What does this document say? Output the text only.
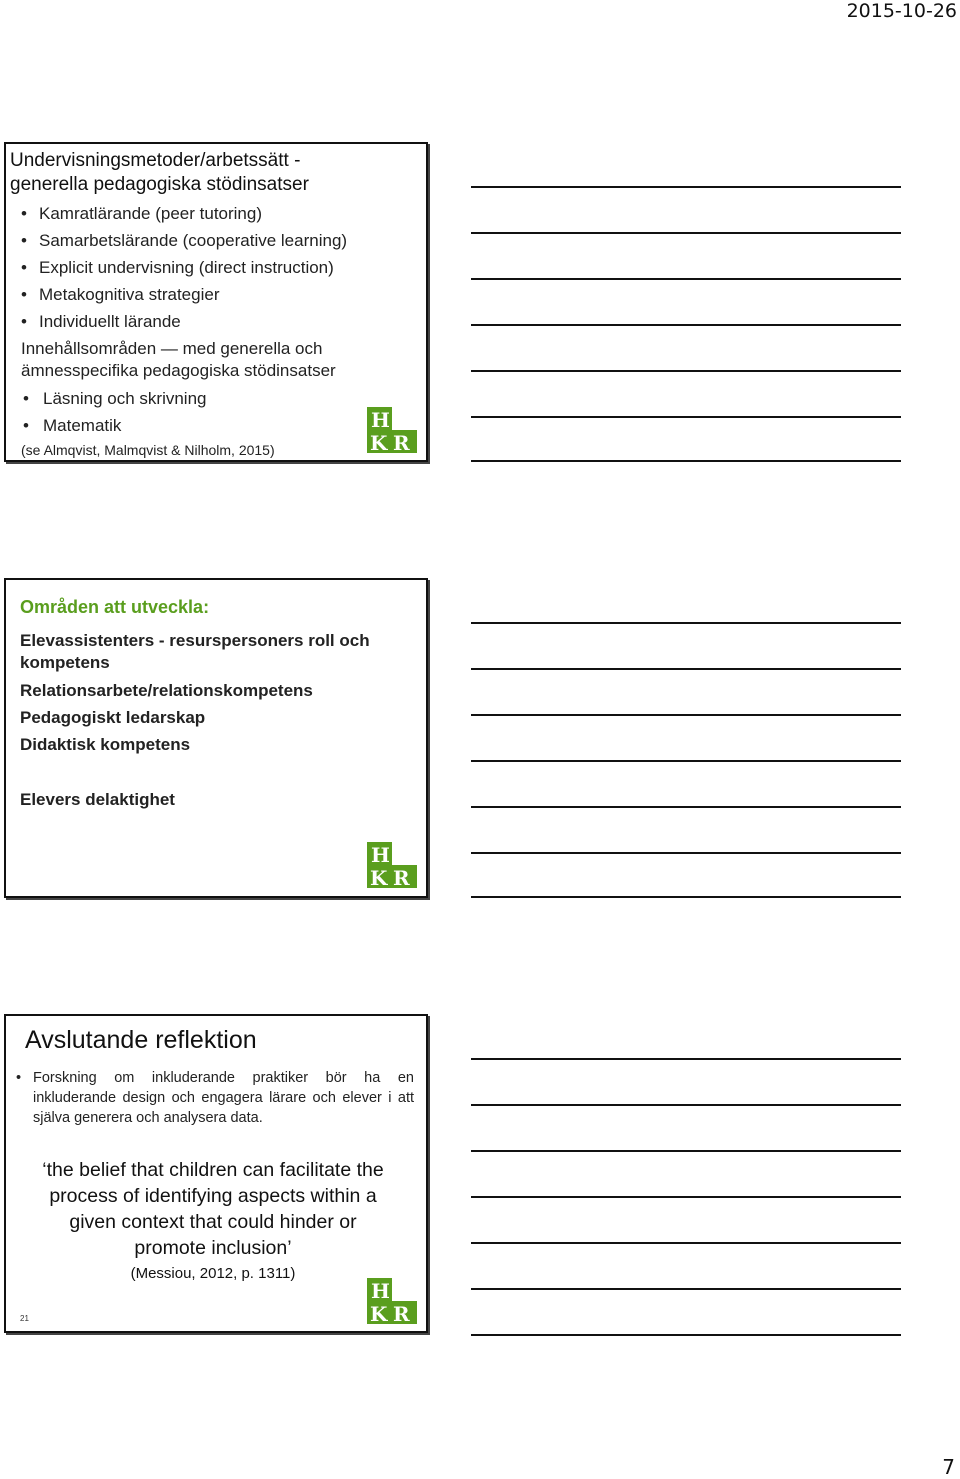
2015-10-26
Undervisningsmetoder/arbetssätt -
generella pedagogiska stödinsatser
• Kamratlärande (peer tutoring)
• Samarbetslärande (cooperative learning)
• Explicit undervisning (direct instruction)
• Metakognitiva strategier
• Individuellt lärande
Innehållsområden — med generella och
ämnesspecifika pedagogiska stödinsatser
• Läsning och skrivning
• Matematik
(se Almqvist, Malmqvist & Nilholm, 2015)
H
K R
Områden att utveckla:
Elevassistenters - resurspersoners roll och
kompetens
Relationsarbete/relationskompetens
Pedagogiskt ledarskap
Didaktisk kompetens
Elevers delaktighet
H
K R
Avslutande reflektion
• Forskning om inkluderande praktiker bör ha en inkluderande design och engagera lärare och elever i att själva generera och analysera data.
‘the belief that children can facilitate the
process of identifying aspects within a
given context that could hinder or
promote inclusion’
(Messiou, 2012, p. 1311)
21
H
K R
7
